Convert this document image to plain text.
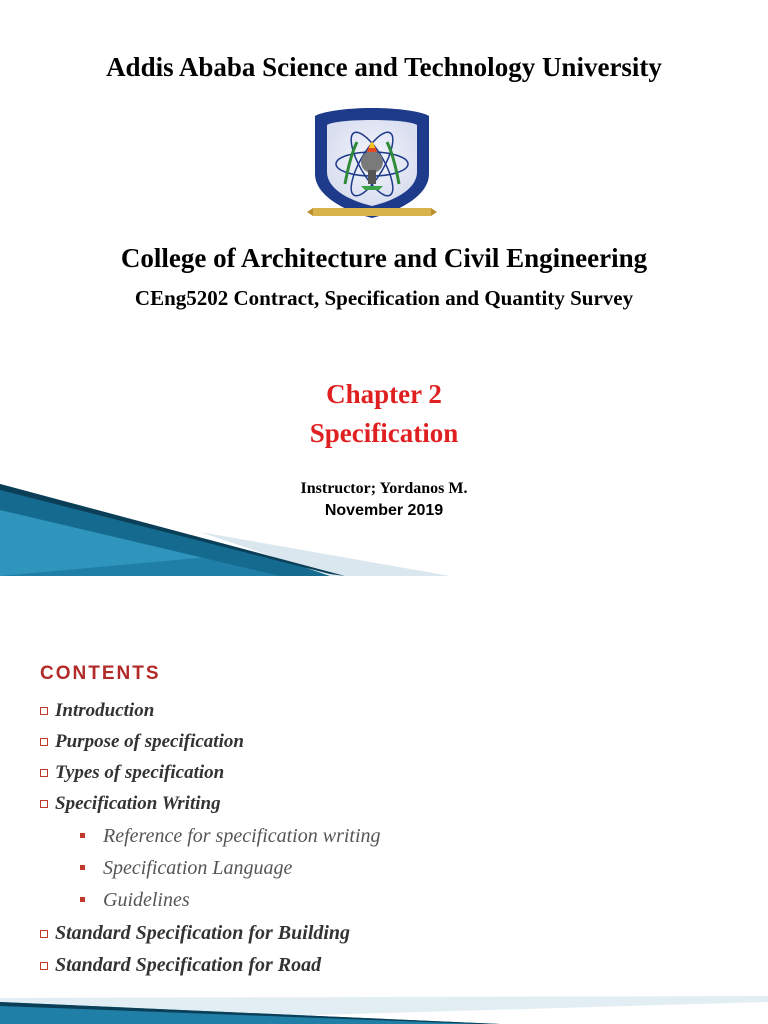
Addis Ababa Science and Technology University
College of Architecture and Civil Engineering
CEng5202 Contract, Specification and Quantity Survey
Chapter 2
Specification
Instructor; Yordanos M.
November 2019
CONTENTS
Introduction
Purpose of specification
Types of specification
Specification Writing
Reference for specification writing
Specification Language
Guidelines
Standard Specification for Building
Standard Specification for Road
